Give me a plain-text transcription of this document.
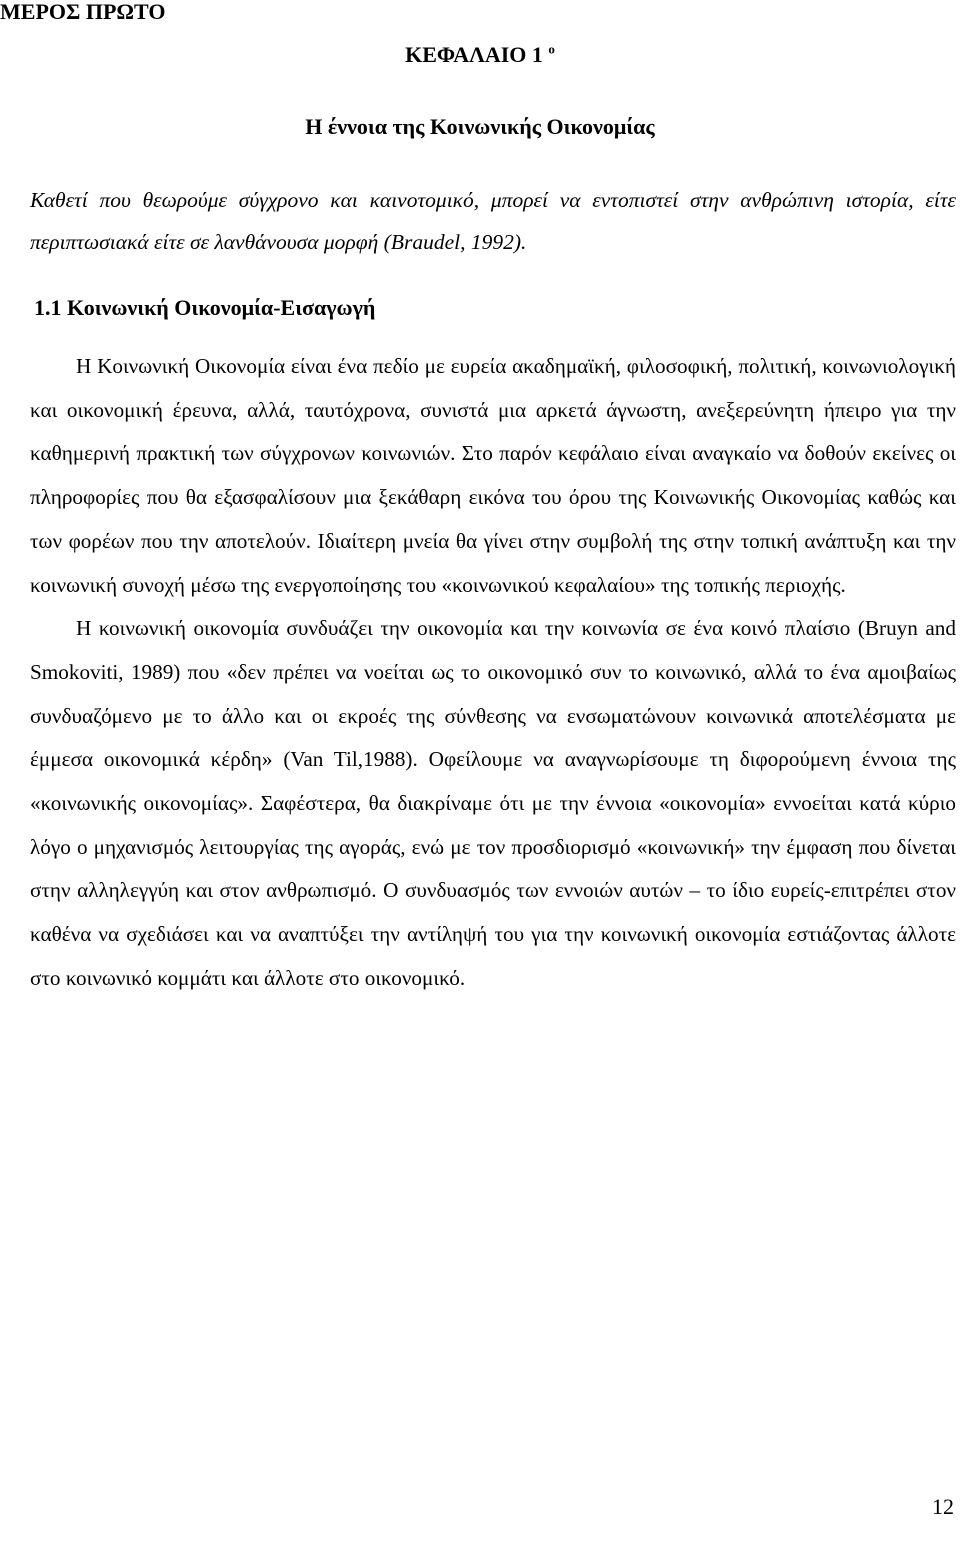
ΜΕΡΟΣ ΠΡΩΤΟ
ΚΕΦΑΛΑΙΟ 1 $^o$
Η έννοια της Κοινωνικής Οικονομίας

Καθετί που θεωρούμε σύγχρονο και καινοτομικό, μπορεί να εντοπιστεί στην ανθρώπινη ιστορία, είτε περιπτωσιακά είτε σε λανθάνουσα μορφή (Braudel, 1992).

1.1 Κοινωνική Οικονομία-Εισαγωγή

Η Κοινωνική Οικονομία είναι ένα πεδίο με ευρεία ακαδημαϊκή, φιλοσοφική, πολιτική, κοινωνιολογική και οικονομική έρευνα, αλλά, ταυτόχρονα, συνιστά μια αρκετά άγνωστη, ανεξερεύνητη ήπειρο για την καθημερινή πρακτική των σύγχρονων κοινωνιών. Στο παρόν κεφάλαιο είναι αναγκαίο να δοθούν εκείνες οι πληροφορίες που θα εξασφαλίσουν μια ξεκάθαρη εικόνα του όρου της Κοινωνικής Οικονομίας καθώς και των φορέων που την αποτελούν. Ιδιαίτερη μνεία θα γίνει στην συμβολή της στην τοπική ανάπτυξη και την κοινωνική συνοχή μέσω της ενεργοποίησης του «κοινωνικού κεφαλαίου» της τοπικής περιοχής.

Η κοινωνική οικονομία συνδυάζει την οικονομία και την κοινωνία σε ένα κοινό πλαίσιο (Bruyn and Smokoviti, 1989) που «δεν πρέπει να νοείται ως το οικονομικό συν το κοινωνικό, αλλά το ένα αμοιβαίως συνδυαζόμενο με το άλλο και οι εκροές της σύνθεσης να ενσωματώνουν κοινωνικά αποτελέσματα με έμμεσα οικονομικά κέρδη» (Van Til,1988). Οφείλουμε να αναγνωρίσουμε τη διφορούμενη έννοια της «κοινωνικής οικονομίας». Σαφέστερα, θα διακρίναμε ότι με την έννοια «οικονομία» εννοείται κατά κύριο λόγο ο μηχανισμός λειτουργίας της αγοράς, ενώ με τον προσδιορισμό «κοινωνική» την έμφαση που δίνεται στην αλληλεγγύη και στον ανθρωπισμό. Ο συνδυασμός των εννοιών αυτών – το ίδιο ευρείς-επιτρέπει στον καθένα να σχεδιάσει και να αναπτύξει την αντίληψή του για την κοινωνική οικονομία εστιάζοντας άλλοτε στο κοινωνικό κομμάτι και άλλοτε στο οικονομικό.

12
